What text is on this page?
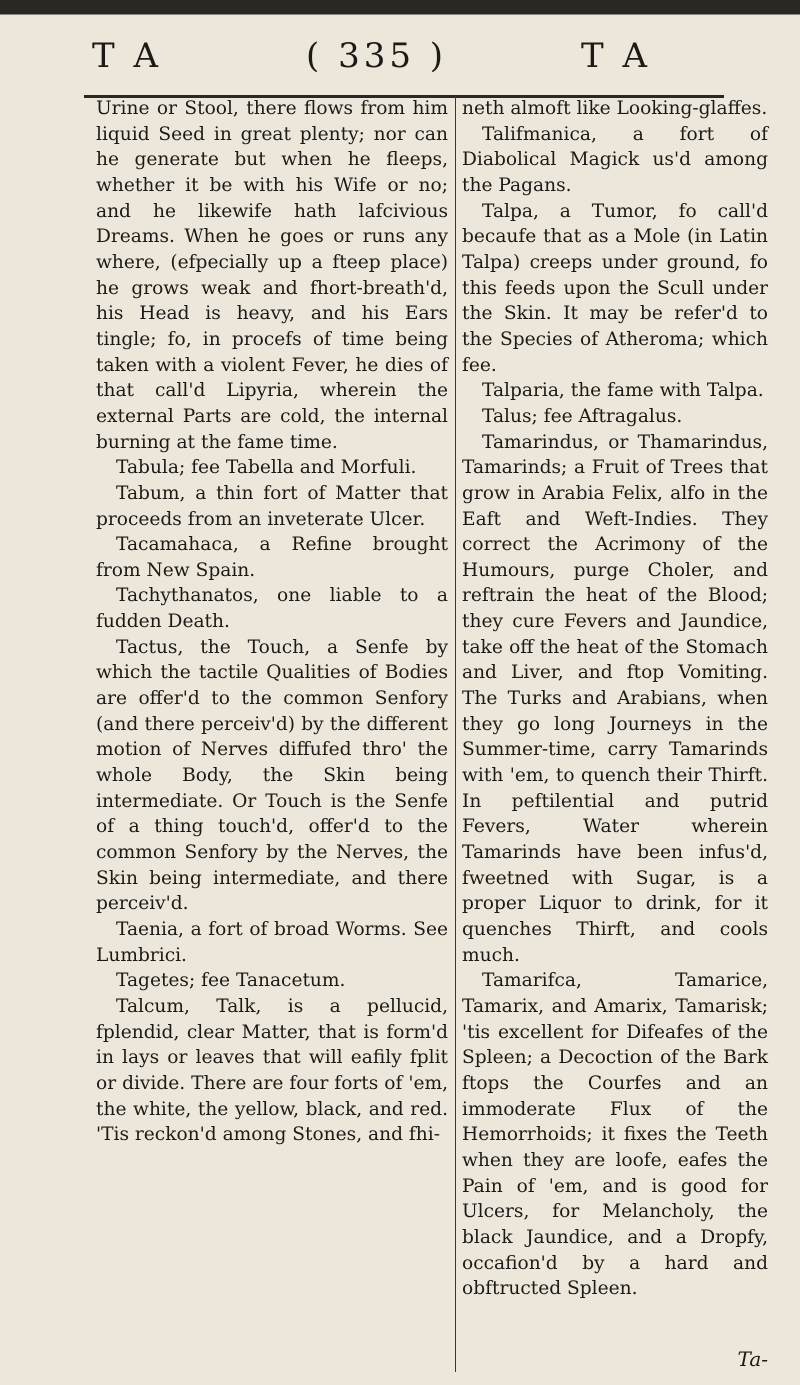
T A	( 335 )	T A

Urine or Stool, there flows from him liquid Seed in great plenty; nor can he generate but when he fleeps, whether it be with his Wife or no; and he likewife hath lafcivious Dreams. When he goes or runs any where, (efpecially up a fteep place) he grows weak and fhort-breath'd, his Head is heavy, and his Ears tingle; fo, in procefs of time being taken with a violent Fever, he dies of that call'd Lipyria, wherein the external Parts are cold, the internal burning at the fame time.

Tabula; fee Tabella and Morfuli.

Tabum, a thin fort of Matter that proceeds from an inveterate Ulcer.

Tacamahaca, a Refine brought from New Spain.

Tachythanatos, one liable to a fudden Death.

Tactus, the Touch, a Senfe by which the tactile Qualities of Bodies are offer'd to the common Senfory (and there perceiv'd) by the different motion of Nerves diffufed thro' the whole Body, the Skin being intermediate. Or Touch is the Senfe of a thing touch'd, offer'd to the common Senfory by the Nerves, the Skin being intermediate, and there perceiv'd.

Taenia, a fort of broad Worms. See Lumbrici.

Tagetes; fee Tanacetum.

Talcum, Talk, is a pellucid, fplendid, clear Matter, that is form'd in lays or leaves that will eafily fplit or divide. There are four forts of 'em, the white, the yellow, black, and red. 'Tis reckon'd among Stones, and fhi-

neth almoft like Looking-glaffes.

Talifmanica, a fort of Diabolical Magick us'd among the Pagans.

Talpa, a Tumor, fo call'd becaufe that as a Mole (in Latin Talpa) creeps under ground, fo this feeds upon the Scull under the Skin. It may be refer'd to the Species of Atheroma; which fee.

Talparia, the fame with Talpa.

Talus; fee Aftragalus.

Tamarindus, or Thamarindus, Tamarinds; a Fruit of Trees that grow in Arabia Felix, alfo in the Eaft and Weft-Indies. They correct the Acrimony of the Humours, purge Choler, and reftrain the heat of the Blood; they cure Fevers and Jaundice, take off the heat of the Stomach and Liver, and ftop Vomiting. The Turks and Arabians, when they go long Journeys in the Summer-time, carry Tamarinds with 'em, to quench their Thirft. In peftilential and putrid Fevers, Water wherein Tamarinds have been infus'd, fweetned with Sugar, is a proper Liquor to drink, for it quenches Thirft, and cools much.

Tamarifca, Tamarice, Tamarix, and Amarix, Tamarisk; 'tis excellent for Difeafes of the Spleen; a Decoction of the Bark ftops the Courfes and an immoderate Flux of the Hemorrhoids; it fixes the Teeth when they are loofe, eafes the Pain of 'em, and is good for Ulcers, for Melancholy, the black Jaundice, and a Dropfy, occafion'd by a hard and obftructed Spleen.

Ta-
